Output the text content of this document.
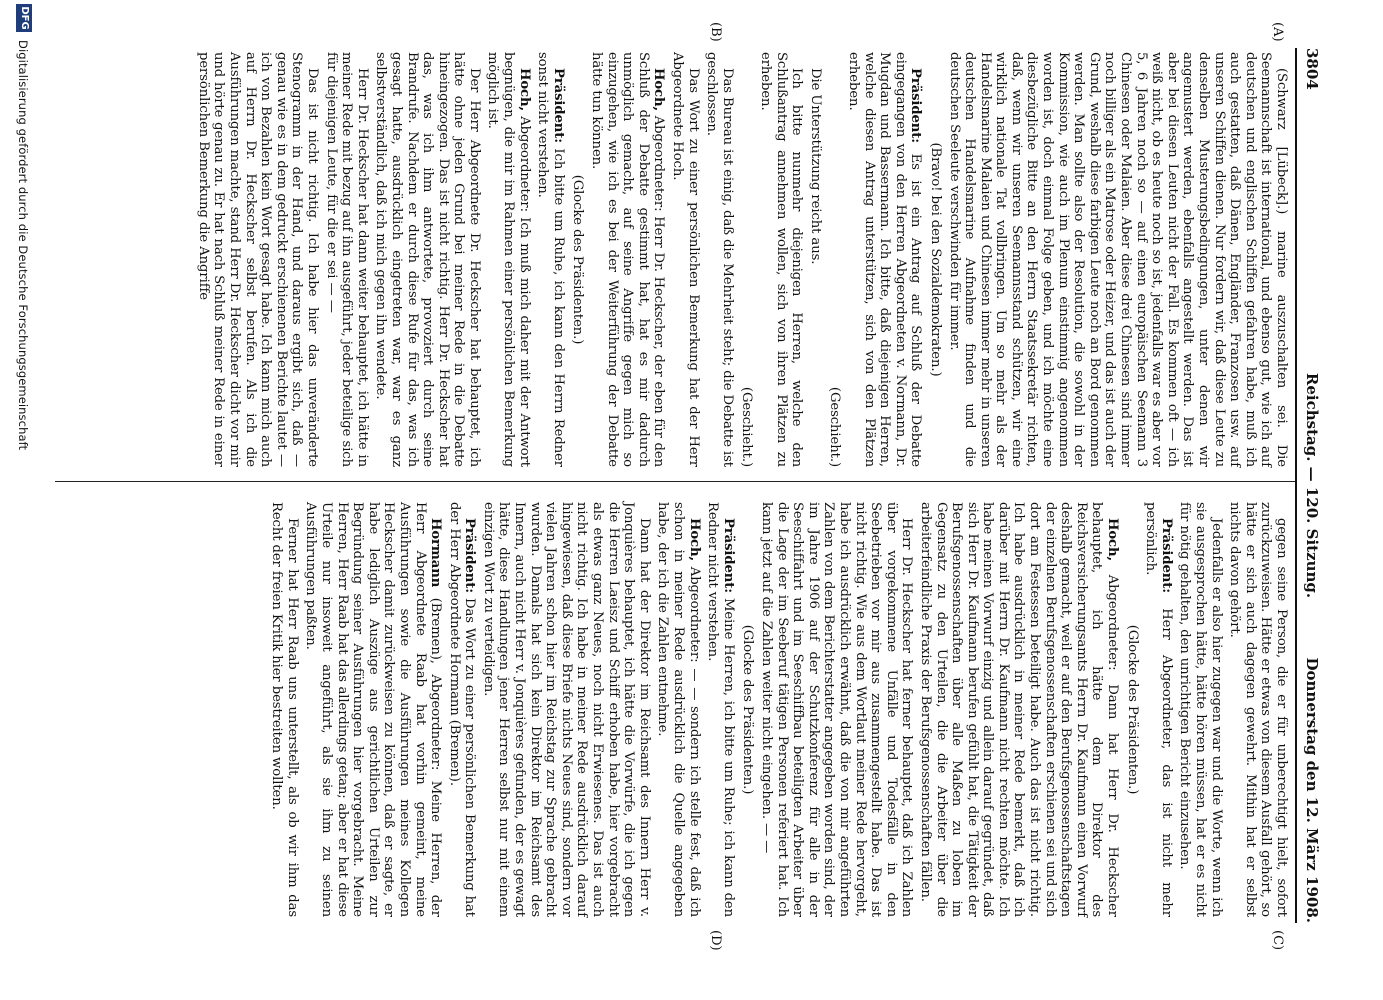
3804
Reichstag. — 120. Sitzung.
Donnerstag den 12. März 1908.
(A)
(B)
(C)
(D)

(Schwarz [Lübeck].) marine auszuschalten sei. Die Seemannschaft ist international, und ebenso gut, wie ich auf deutschen und englischen Schiffen gefahren habe, muß ich auch gestatten, daß Dänen, Engländer, Franzosen usw. auf unseren Schiffen dienen. Nur fordern wir, daß diese Leute zu denselben Musterungsbedingungen, unter denen wir angemustert werden, ebenfalls angestellt werden. Das ist aber bei diesen Leuten nicht der Fall. Es kommen oft — ich weiß nicht, ob es heute noch so ist, jedenfalls war es aber vor 5, 6 Jahren noch so — auf einen europäischen Seemann 3 Chinesen oder Malaien. Aber diese drei Chinesen sind immer noch billiger als ein Matrose oder Heizer, und das ist auch der Grund, weshalb diese farbigen Leute noch an Bord genommen werden. Man sollte also der Resolution, die sowohl in der Kommission, wie auch im Plenum einstimmig angenommen worden ist, doch einmal Folge geben, und ich möchte eine diesbezügliche Bitte an den Herrn Staatssekretär richten, daß, wenn wir unseren Seemannsstand schützen, wir eine wirklich nationale Tat vollbringen. Um so mehr als der Handelsmarine Malaien und Chinesen immer mehr in unseren deutschen Handelsmarine Aufnahme finden und die deutschen Seeleute verschwinden für immer.

(Bravo! bei den Sozialdemokraten.)

Präsident: Es ist ein Antrag auf Schluß der Debatte eingegangen von den Herren Abgeordneten v. Normann, Dr. Mugdan und Bassermann. Ich bitte, daß diejenigen Herren, welche diesen Antrag unterstützen, sich von den Plätzen erheben.

(Geschieht.)

Die Unterstützung reicht aus.

Ich bitte nunmehr diejenigen Herren, welche den Schlußantrag annehmen wollen, sich von ihren Plätzen zu erheben.

(Geschieht.)

Das Bureau ist einig, daß die Mehrheit steht; die Debatte ist geschlossen.

Das Wort zu einer persönlichen Bemerkung hat der Herr Abgeordnete Hoch.

Hoch, Abgeordneter: Herr Dr. Heckscher, der eben für den Schluß der Debatte gestimmt hat, hat es mir dadurch unmöglich gemacht, auf seine Angriffe gegen mich so einzugehen, wie ich es bei der Weiterführung der Debatte hätte tun können.

(Glocke des Präsidenten.)

Präsident: Ich bitte um Ruhe, ich kann den Herrn Redner sonst nicht verstehen.

Hoch, Abgeordneter: Ich muß mich daher mit der Antwort begnügen, die mir im Rahmen einer persönlichen Bemerkung möglich ist.

Der Herr Abgeordnete Dr. Heckscher hat behauptet, ich hätte ohne jeden Grund bei meiner Rede in die Debatte hineingezogen. Das ist nicht richtig. Herr Dr. Heckscher hat das, was ich ihm antwortete, provoziert durch seine Brandrufe. Nachdem er durch diese Rufe für das, was ich gesagt hatte, ausdrücklich eingetreten war, war es ganz selbstverständlich, daß ich mich gegen ihn wendete.

Herr Dr. Heckscher hat dann weiter behauptet, ich hätte in meiner Rede mit bezug auf ihn ausgeführt, jeder beteilige sich für diejenigen Leute, für die er sei — —

Das ist nicht richtig. Ich habe hier das unveränderte Stenogramm in der Hand, und daraus ergibt sich, daß — genau wie es in dem gedruckt erschienenen Berichte lautet — ich von Bezahlen kein Wort gesagt habe. Ich kann mich auch auf Herrn Dr. Heckscher selbst berufen. Als ich die Ausführungen machte, stand Herr Dr. Heckscher dicht vor mir und hörte genau zu. Er hat nach Schluß meiner Rede in einer persönlichen Bemerkung die Angriffe

gegen seine Person, die er für unberechtigt hielt, sofort zurückzuweisen. Hätte er etwas von diesem Ausfall gehört, so hätte er sich auch dagegen gewehrt. Mithin hat er selbst nichts davon gehört.

Jedenfalls er also hier zugegen war und die Worte, wenn ich sie ausgesprochen hätte, hätte hören müssen, hat er es nicht für nötig gehalten, den unrichtigen Bericht einzusehen.

Präsident: Herr Abgeordneter, das ist nicht mehr persönlich.

(Glocke des Präsidenten.)

Hoch, Abgeordneter: Dann hat Herr Dr. Heckscher behauptet, ich hätte dem Direktor des Reichsversicherungsamts Herrn Dr. Kaufmann einen Vorwurf deshalb gemacht, weil er auf den Berufsgenossenschaftstagen der einzelnen Berufsgenossenschaften erschienen sei und sich dort am Festessen beteiligt habe. Auch das ist nicht richtig. Ich habe ausdrücklich in meiner Rede bemerkt, daß ich darüber mit Herrn Dr. Kaufmann nicht rechten möchte. Ich habe meinen Vorwurf einzig und allein darauf gegründet, daß sich Herr Dr. Kaufmann berufen gefühlt hat, die Tätigkeit der Berufsgenossenschaften über alle Maßen zu loben im Gegensatz zu den Urteilen, die die Arbeiter über die arbeiterfeindliche Praxis der Berufsgenossenschaften fällen.

Herr Dr. Heckscher hat ferner behauptet, daß ich Zahlen über vorgekommene Unfälle und Todesfälle in den Seebetrieben vor mir aus zusammengestellt habe. Das ist nicht richtig. Wie aus dem Wortlaut meiner Rede hervorgeht, habe ich ausdrücklich erwähnt, daß die von mir angeführten Zahlen von dem Berichterstatter angegeben worden sind, der im Jahre 1906 auf der Schutzkonferenz für alle in der Seeschiffahrt und im Seeschiffbau beteiligten Arbeiter über die Lage der im Seeberuf tätigen Personen referiert hat. Ich kann jetzt auf die Zahlen weiter nicht eingehen. — —

(Glocke des Präsidenten.)

Präsident: Meine Herren, ich bitte um Ruhe; ich kann den Redner nicht verstehen.

Hoch, Abgeordneter: — — sondern ich stelle fest, daß ich schon in meiner Rede ausdrücklich die Quelle angegeben habe, der ich die Zahlen entnehme.

Dann hat der Direktor im Reichsamt des Innern Herr v. Jonquières behauptet, ich hätte die Vorwürfe, die ich gegen die Herren Laeisz und Schiff erhoben habe, hier vorgebracht als etwas ganz Neues, noch nicht Erwiesenes. Das ist auch nicht richtig. Ich habe in meiner Rede ausdrücklich darauf hingewiesen, daß diese Briefe nichts Neues sind, sondern vor vielen Jahren schon hier im Reichstag zur Sprache gebracht wurden. Damals hat sich kein Direktor im Reichsamt des Innern, auch nicht Herr v. Jonquières gefunden, der es gewagt hätte, diese Handlungen jener Herren selbst nur mit einem einzigen Wort zu verteidigen.

Präsident: Das Wort zu einer persönlichen Bemerkung hat der Herr Abgeordnete Hormann (Bremen).

Hormann (Bremen), Abgeordneter: Meine Herren, der Herr Abgeordnete Raab hat vorhin gemeint, meine Ausführungen sowie die Ausführungen meines Kollegen Heckscher damit zurückweisen zu können, daß er sagte, er habe lediglich Auszüge aus gerichtlichen Urteilen zur Begründung seiner Ausführungen hier vorgebracht. Meine Herren, Herr Raab hat das allerdings getan; aber er hat diese Urteile nur insoweit angeführt, als sie ihm zu seinen Ausführungen paßten.

Ferner hat Herr Raab uns unterstellt, als ob wir ihm das Recht der freien Kritik hier bestreiten wollten.

DFG
Digitalisierung gefördert durch die Deutsche Forschungsgemeinschaft
